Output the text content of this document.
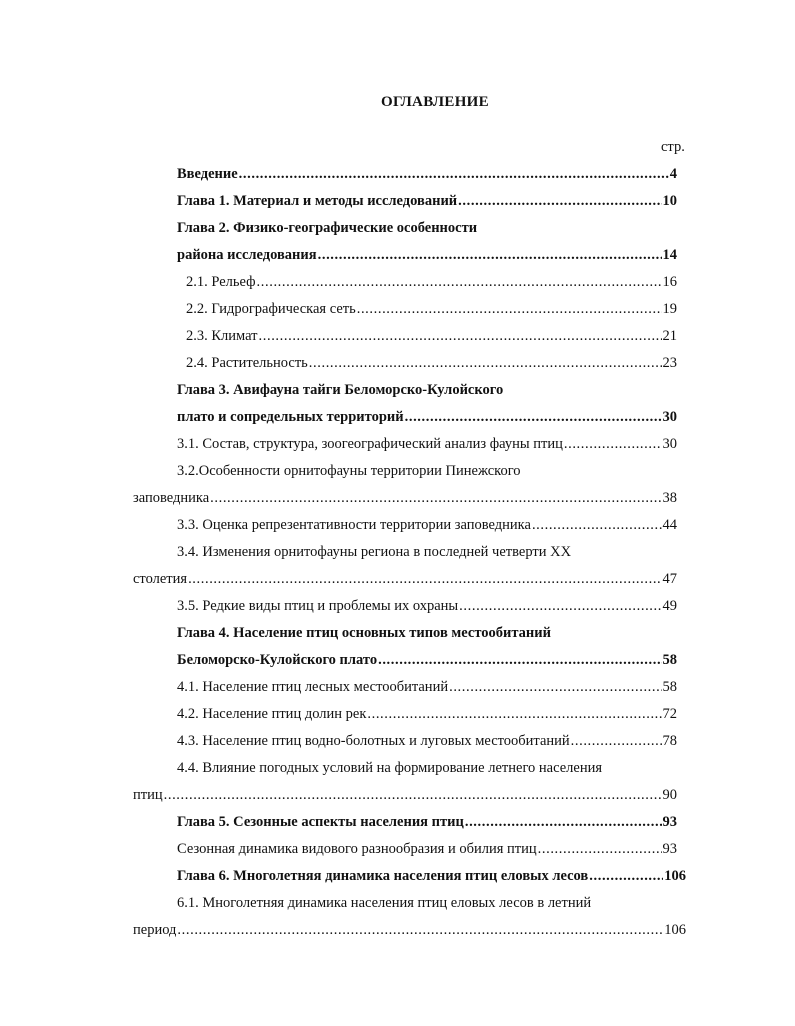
ОГЛАВЛЕНИЕ
стр.
Введение .....	4
Глава 1. Материал и методы исследований .....	10
Глава 2. Физико-географические особенности
района исследования .....	14
2.1. Рельеф .....	16
2.2. Гидрографическая сеть .....	19
2.3. Климат .....	21
2.4. Растительность .....	23
Глава 3. Авифауна тайги Беломорско-Кулойского
плато и сопредельных территорий .....	30
3.1. Состав, структура, зоогеографический анализ фауны птиц .....	30
3.2.Особенности орнитофауны территории Пинежского
заповедника .....	38
3.3. Оценка репрезентативности территории заповедника .....	.44
3.4. Изменения орнитофауны региона в последней четверти XX
столетия .....	47
3.5. Редкие виды птиц и проблемы их охраны .....	49
Глава 4. Население птиц основных типов местообитаний
Беломорско-Кулойского плато .....	58
4.1. Население птиц лесных местообитаний .....	58
4.2. Население птиц долин рек .....	72
4.3. Население птиц водно-болотных и луговых местообитаний .....	78
4.4. Влияние погодных условий на формирование летнего населения
птиц .....	90
Глава 5. Сезонные аспекты населения птиц .....	93
Сезонная динамика видового разнообразия и обилия птиц .....	93
Глава 6. Многолетняя динамика населения птиц еловых лесов .....	106
6.1. Многолетняя динамика населения птиц еловых лесов в летний
период .....	106
